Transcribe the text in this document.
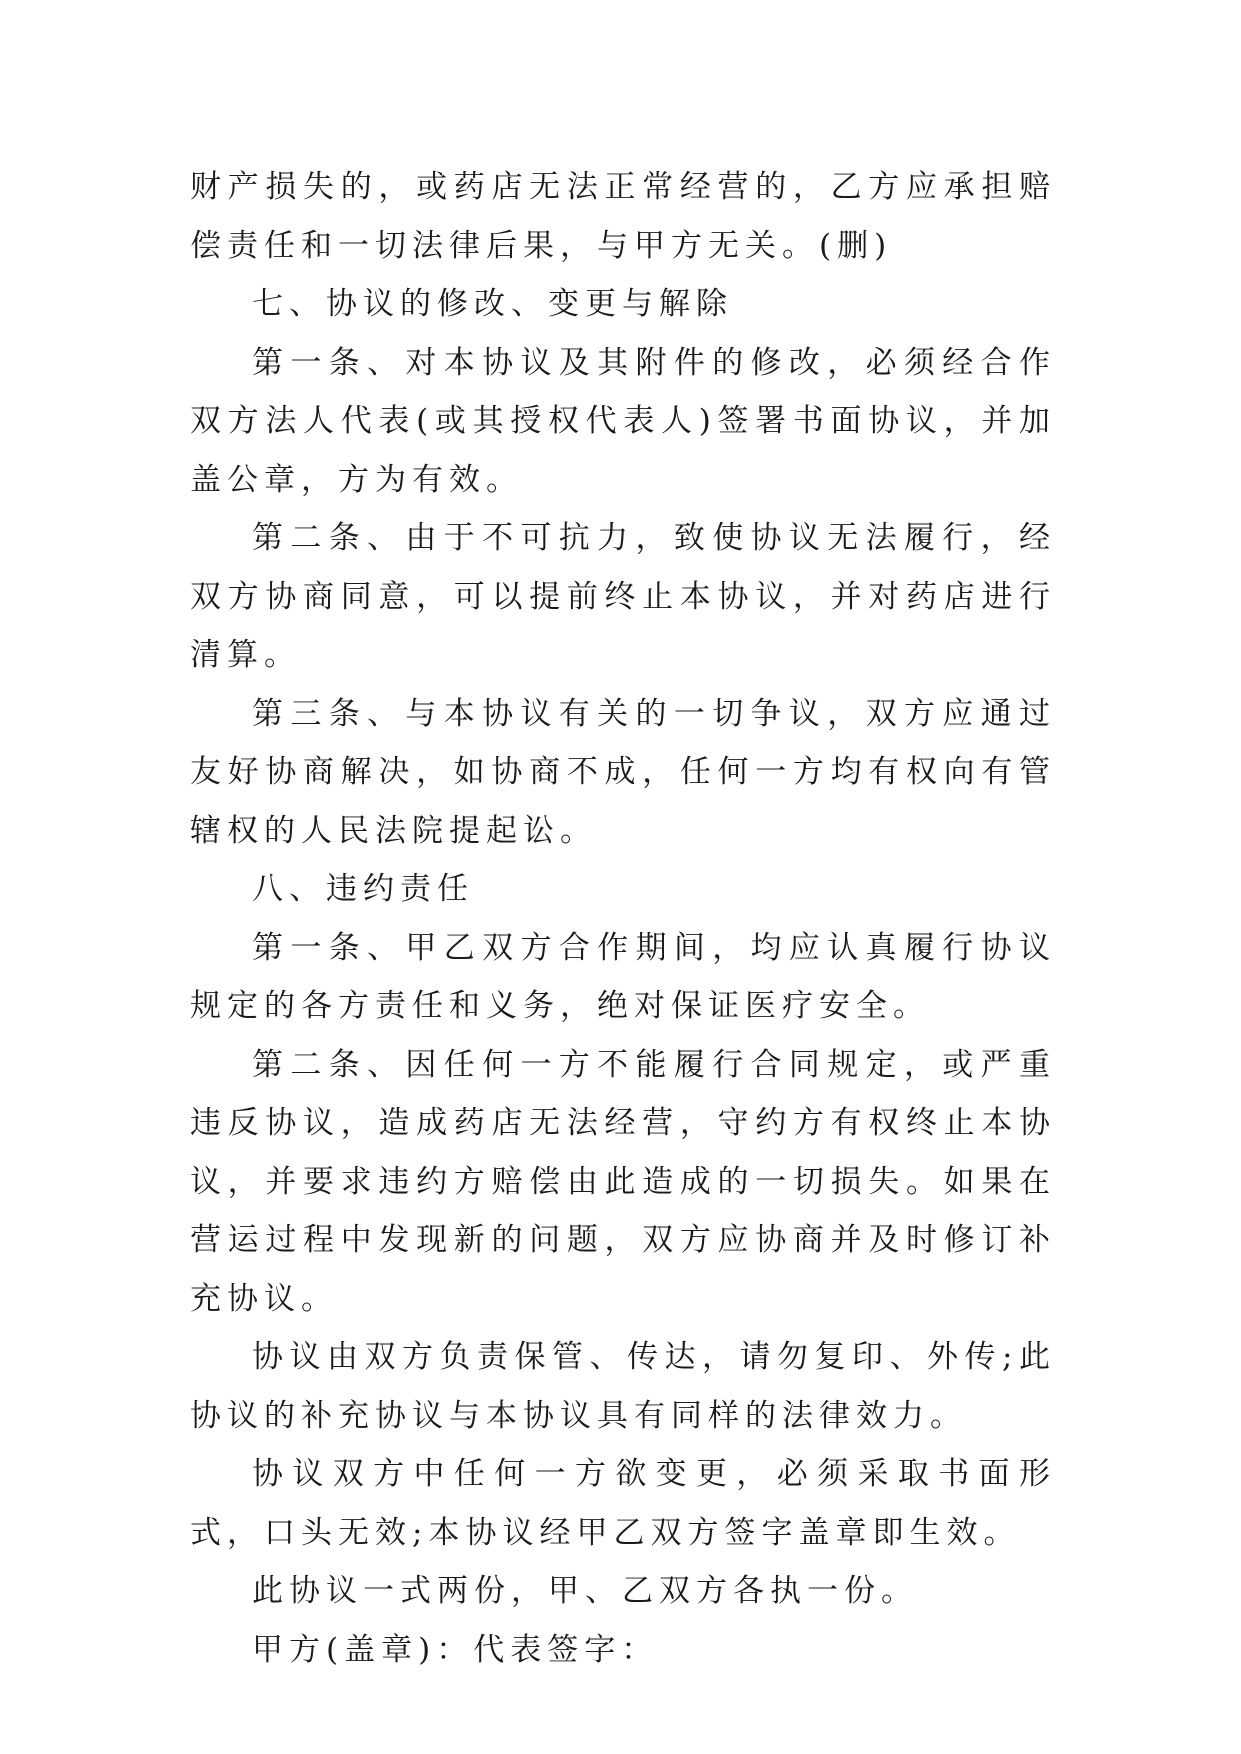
财产损失的，或药店无法正常经营的，乙方应承担赔偿责任和一切法律后果，与甲方无关。(删)

七、协议的修改、变更与解除

第一条、对本协议及其附件的修改，必须经合作双方法人代表(或其授权代表人)签署书面协议，并加盖公章，方为有效。

第二条、由于不可抗力，致使协议无法履行，经双方协商同意，可以提前终止本协议，并对药店进行清算。

第三条、与本协议有关的一切争议，双方应通过友好协商解决，如协商不成，任何一方均有权向有管辖权的人民法院提起讼。

八、违约责任

第一条、甲乙双方合作期间，均应认真履行协议规定的各方责任和义务，绝对保证医疗安全。

第二条、因任何一方不能履行合同规定，或严重违反协议，造成药店无法经营，守约方有权终止本协议，并要求违约方赔偿由此造成的一切损失。如果在营运过程中发现新的问题，双方应协商并及时修订补充协议。

协议由双方负责保管、传达，请勿复印、外传;此协议的补充协议与本协议具有同样的法律效力。

协议双方中任何一方欲变更，必须采取书面形式，口头无效;本协议经甲乙双方签字盖章即生效。

此协议一式两份，甲、乙双方各执一份。

甲方(盖章)：代表签字：
